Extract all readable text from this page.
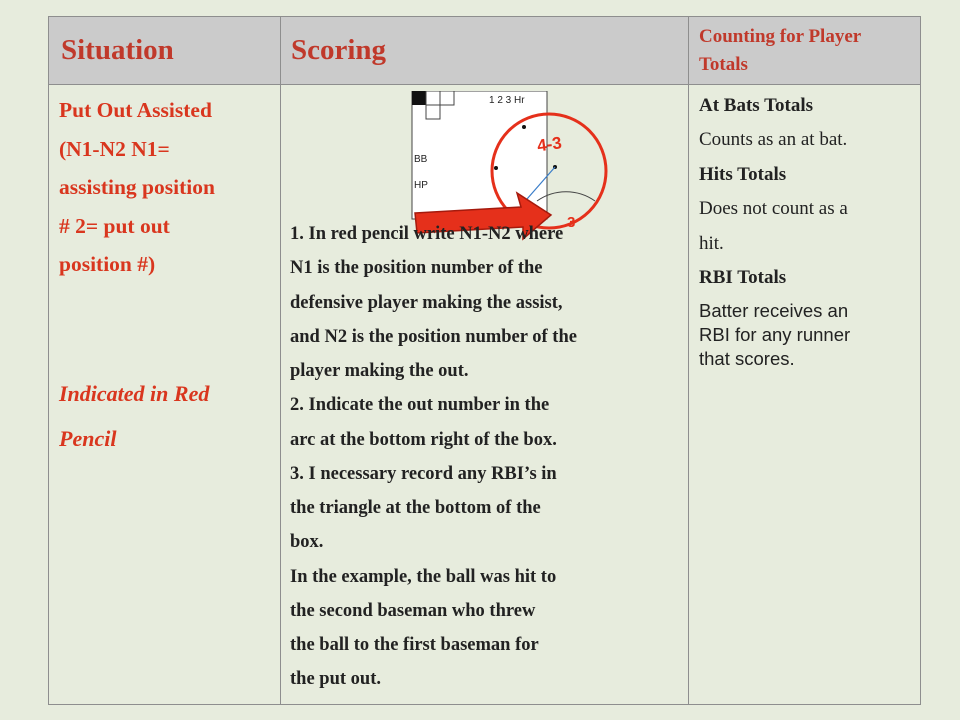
Situation	Scoring	Counting for Player
Totals
Put Out Assisted
(N1-N2 N1=
assisting position
# 2= put out
position #)
Indicated in Red
Pencil
1 2 3 Hr
BB
HP
4-3
3
1. In red pencil write N1-N2 where
N1 is the position number of the
defensive player making the assist,
and N2 is the position number of the
player making the out.
2. Indicate the out number in the
arc at the bottom right of the box.
3. I necessary record any RBI’s in
the triangle at the bottom of the
box.
In the example, the ball was hit to
the second baseman who threw
the ball to the first baseman for
the put out.
At Bats Totals
Counts as an at bat.
Hits Totals
Does not count as a
hit.
RBI Totals
Batter receives an
RBI for any runner
that scores.
